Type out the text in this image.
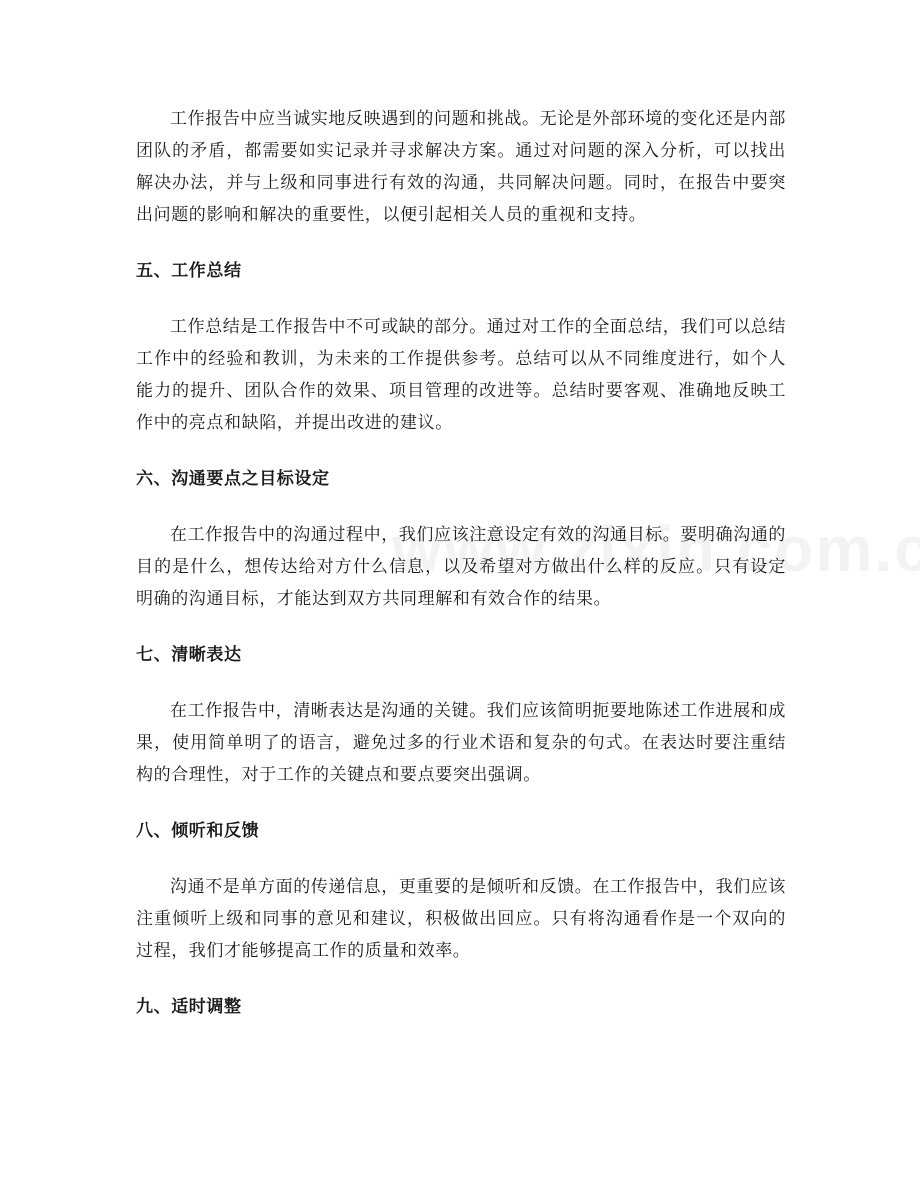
工作报告中应当诚实地反映遇到的问题和挑战。无论是外部环境的变化还是内部团队的矛盾，都需要如实记录并寻求解决方案。通过对问题的深入分析，可以找出解决办法，并与上级和同事进行有效的沟通，共同解决问题。同时，在报告中要突出问题的影响和解决的重要性，以便引起相关人员的重视和支持。

五、工作总结

工作总结是工作报告中不可或缺的部分。通过对工作的全面总结，我们可以总结工作中的经验和教训，为未来的工作提供参考。总结可以从不同维度进行，如个人能力的提升、团队合作的效果、项目管理的改进等。总结时要客观、准确地反映工作中的亮点和缺陷，并提出改进的建议。

六、沟通要点之目标设定

在工作报告中的沟通过程中，我们应该注意设定有效的沟通目标。要明确沟通的目的是什么，想传达给对方什么信息，以及希望对方做出什么样的反应。只有设定明确的沟通目标，才能达到双方共同理解和有效合作的结果。

七、清晰表达

在工作报告中，清晰表达是沟通的关键。我们应该简明扼要地陈述工作进展和成果，使用简单明了的语言，避免过多的行业术语和复杂的句式。在表达时要注重结构的合理性，对于工作的关键点和要点要突出强调。

八、倾听和反馈

沟通不是单方面的传递信息，更重要的是倾听和反馈。在工作报告中，我们应该注重倾听上级和同事的意见和建议，积极做出回应。只有将沟通看作是一个双向的过程，我们才能够提高工作的质量和效率。

九、适时调整
